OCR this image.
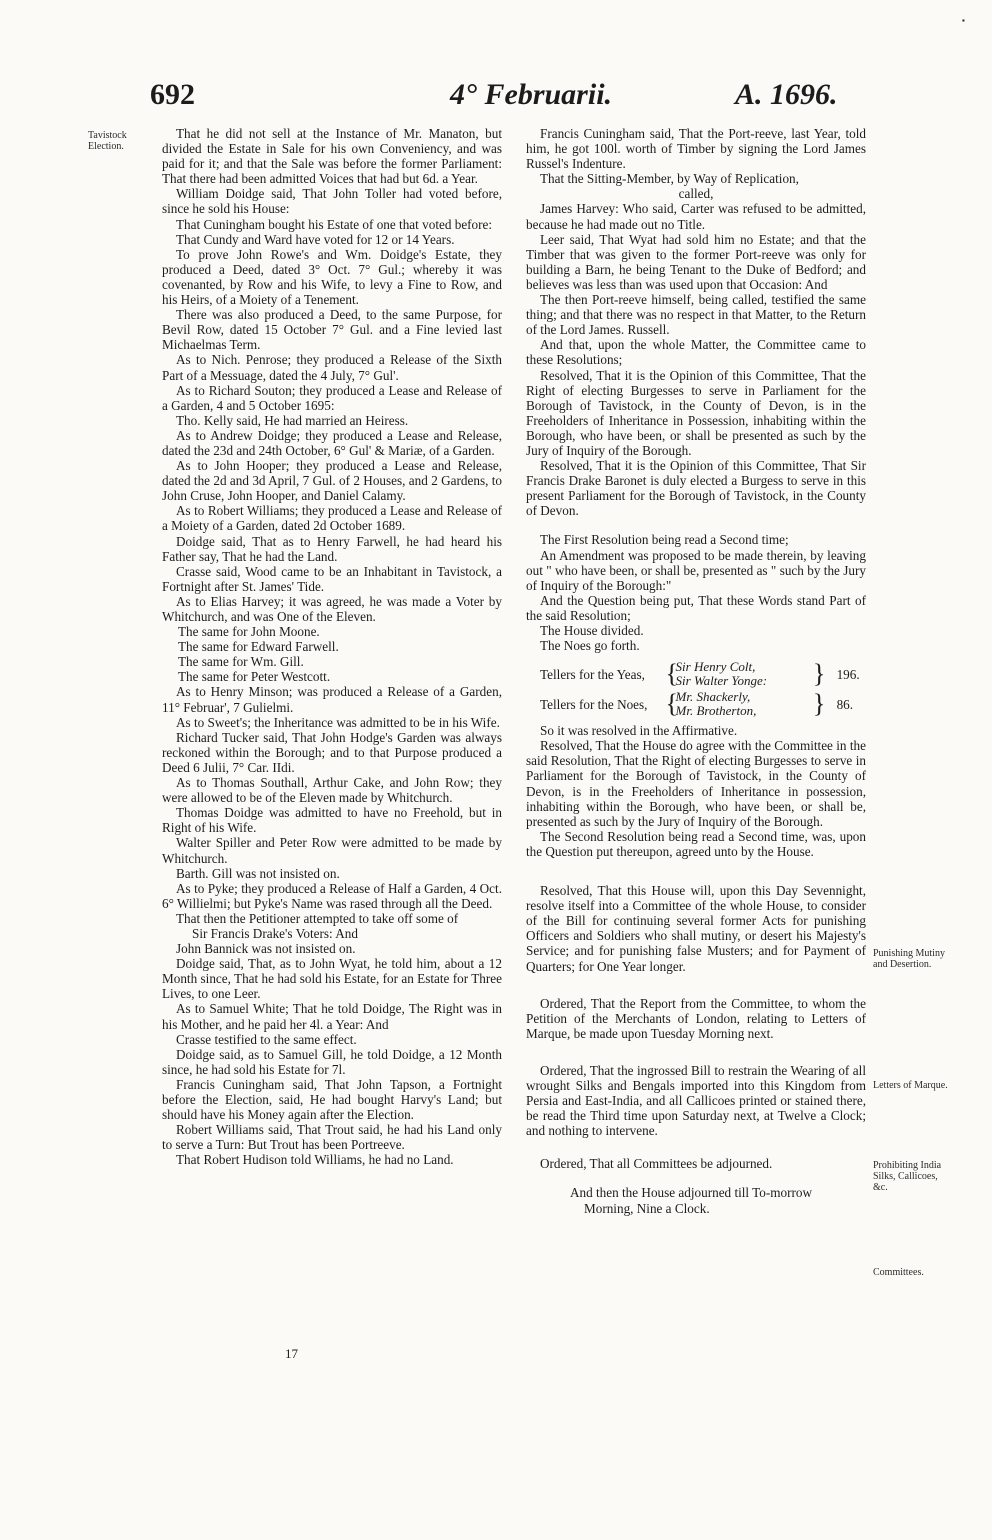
▪
692	4° Februarii.	A. 1696.
Tavistock Election.
Punishing Mutiny and Desertion.
Letters of Marque.
Prohibiting India Silks, Callicoes, &c.
Committees.

That he did not sell at the Instance of Mr. Manaton, but divided the Estate in Sale for his own Conveniency, and was paid for it; and that the Sale was before the former Parliament: That there had been admitted Voices that had but 6d. a Year.

William Doidge said, That John Toller had voted before, since he sold his House:

That Cuningham bought his Estate of one that voted before:

That Cundy and Ward have voted for 12 or 14 Years.

To prove John Rowe's and Wm. Doidge's Estate, they produced a Deed, dated 3° Oct. 7° Gul.; whereby it was covenanted, by Row and his Wife, to levy a Fine to Row, and his Heirs, of a Moiety of a Tenement.

There was also produced a Deed, to the same Purpose, for Bevil Row, dated 15 October 7° Gul. and a Fine levied last Michaelmas Term.

As to Nich. Penrose; they produced a Release of the Sixth Part of a Messuage, dated the 4 July, 7° Gul'.

As to Richard Souton; they produced a Lease and Release of a Garden, 4 and 5 October 1695:

Tho. Kelly said, He had married an Heiress.

As to Andrew Doidge; they produced a Lease and Release, dated the 23d and 24th October, 6° Gul' & Mariæ, of a Garden.

As to John Hooper; they produced a Lease and Release, dated the 2d and 3d April, 7 Gul. of 2 Houses, and 2 Gardens, to John Cruse, John Hooper, and Daniel Calamy.

As to Robert Williams; they produced a Lease and Release of a Moiety of a Garden, dated 2d October 1689.

Doidge said, That as to Henry Farwell, he had heard his Father say, That he had the Land.

Crasse said, Wood came to be an Inhabitant in Tavistock, a Fortnight after St. James' Tide.

As to Elias Harvey; it was agreed, he was made a Voter by Whitchurch, and was One of the Eleven.

The same for John Moone.

The same for Edward Farwell.

The same for Wm. Gill.

The same for Peter Westcott.

As to Henry Minson; was produced a Release of a Garden, 11° Februar', 7 Gulielmi.

As to Sweet's; the Inheritance was admitted to be in his Wife.

Richard Tucker said, That John Hodge's Garden was always reckoned within the Borough; and to that Purpose produced a Deed 6 Julii, 7° Car. IIdi.

As to Thomas Southall, Arthur Cake, and John Row; they were allowed to be of the Eleven made by Whitchurch.

Thomas Doidge was admitted to have no Freehold, but in Right of his Wife.

Walter Spiller and Peter Row were admitted to be made by Whitchurch.

Barth. Gill was not insisted on.

As to Pyke; they produced a Release of Half a Garden, 4 Oct. 6° Willielmi; but Pyke's Name was rased through all the Deed.

That then the Petitioner attempted to take off some of

Sir Francis Drake's Voters: And

John Bannick was not insisted on.

Doidge said, That, as to John Wyat, he told him, about a 12 Month since, That he had sold his Estate, for an Estate for Three Lives, to one Leer.

As to Samuel White; That he told Doidge, The Right was in his Mother, and he paid her 4l. a Year: And

Crasse testified to the same effect.

Doidge said, as to Samuel Gill, he told Doidge, a 12 Month since, he had sold his Estate for 7l.

Francis Cuningham said, That John Tapson, a Fortnight before the Election, said, He had bought Harvy's Land; but should have his Money again after the Election.

Robert Williams said, That Trout said, he had his Land only to serve a Turn: But Trout has been Portreeve.

That Robert Hudison told Williams, he had no Land.

17

Francis Cuningham said, That the Port-reeve, last Year, told him, he got 100l. worth of Timber by signing the Lord James Russel's Indenture.

That the Sitting-Member, by Way of Replication,

called,

James Harvey: Who said, Carter was refused to be admitted, because he had made out no Title.

Leer said, That Wyat had sold him no Estate; and that the Timber that was given to the former Port-reeve was only for building a Barn, he being Tenant to the Duke of Bedford; and believes was less than was used upon that Occasion: And

The then Port-reeve himself, being called, testified the same thing; and that there was no respect in that Matter, to the Return of the Lord James. Russell.

And that, upon the whole Matter, the Committee came to these Resolutions;

Resolved, That it is the Opinion of this Committee, That the Right of electing Burgesses to serve in Parliament for the Borough of Tavistock, in the County of Devon, is in the Freeholders of Inheritance in Possession, inhabiting within the Borough, who have been, or shall be presented as such by the Jury of Inquiry of the Borough.

Resolved, That it is the Opinion of this Committee, That Sir Francis Drake Baronet is duly elected a Burgess to serve in this present Parliament for the Borough of Tavistock, in the County of Devon.

The First Resolution being read a Second time;

An Amendment was proposed to be made therein, by leaving out " who have been, or shall be, presented as " such by the Jury of Inquiry of the Borough:"

And the Question being put, That these Words stand Part of the said Resolution;

The House divided.

The Noes go forth.

Tellers for the Yeas, {
Sir Henry Colt,
Sir Walter Yonge:	} 196.
Tellers for the Noes, {
Mr. Shackerly,
Mr. Brotherton,	} 86.

So it was resolved in the Affirmative.

Resolved, That the House do agree with the Committee in the said Resolution, That the Right of electing Burgesses to serve in Parliament for the Borough of Tavistock, in the County of Devon, is in the Freeholders of Inheritance in possession, inhabiting within the Borough, who have been, or shall be, presented as such by the Jury of Inquiry of the Borough.

The Second Resolution being read a Second time, was, upon the Question put thereupon, agreed unto by the House.

Resolved, That this House will, upon this Day Sevennight, resolve itself into a Committee of the whole House, to consider of the Bill for continuing several former Acts for punishing Officers and Soldiers who shall mutiny, or desert his Majesty's Service; and for punishing false Musters; and for Payment of Quarters; for One Year longer.

Ordered, That the Report from the Committee, to whom the Petition of the Merchants of London, relating to Letters of Marque, be made upon Tuesday Morning next.

Ordered, That the ingrossed Bill to restrain the Wearing of all wrought Silks and Bengals imported into this Kingdom from Persia and East-India, and all Callicoes printed or stained there, be read the Third time upon Saturday next, at Twelve a Clock; and nothing to intervene.

Ordered, That all Committees be adjourned.

And then the House adjourned till To-morrow

Morning, Nine a Clock.
